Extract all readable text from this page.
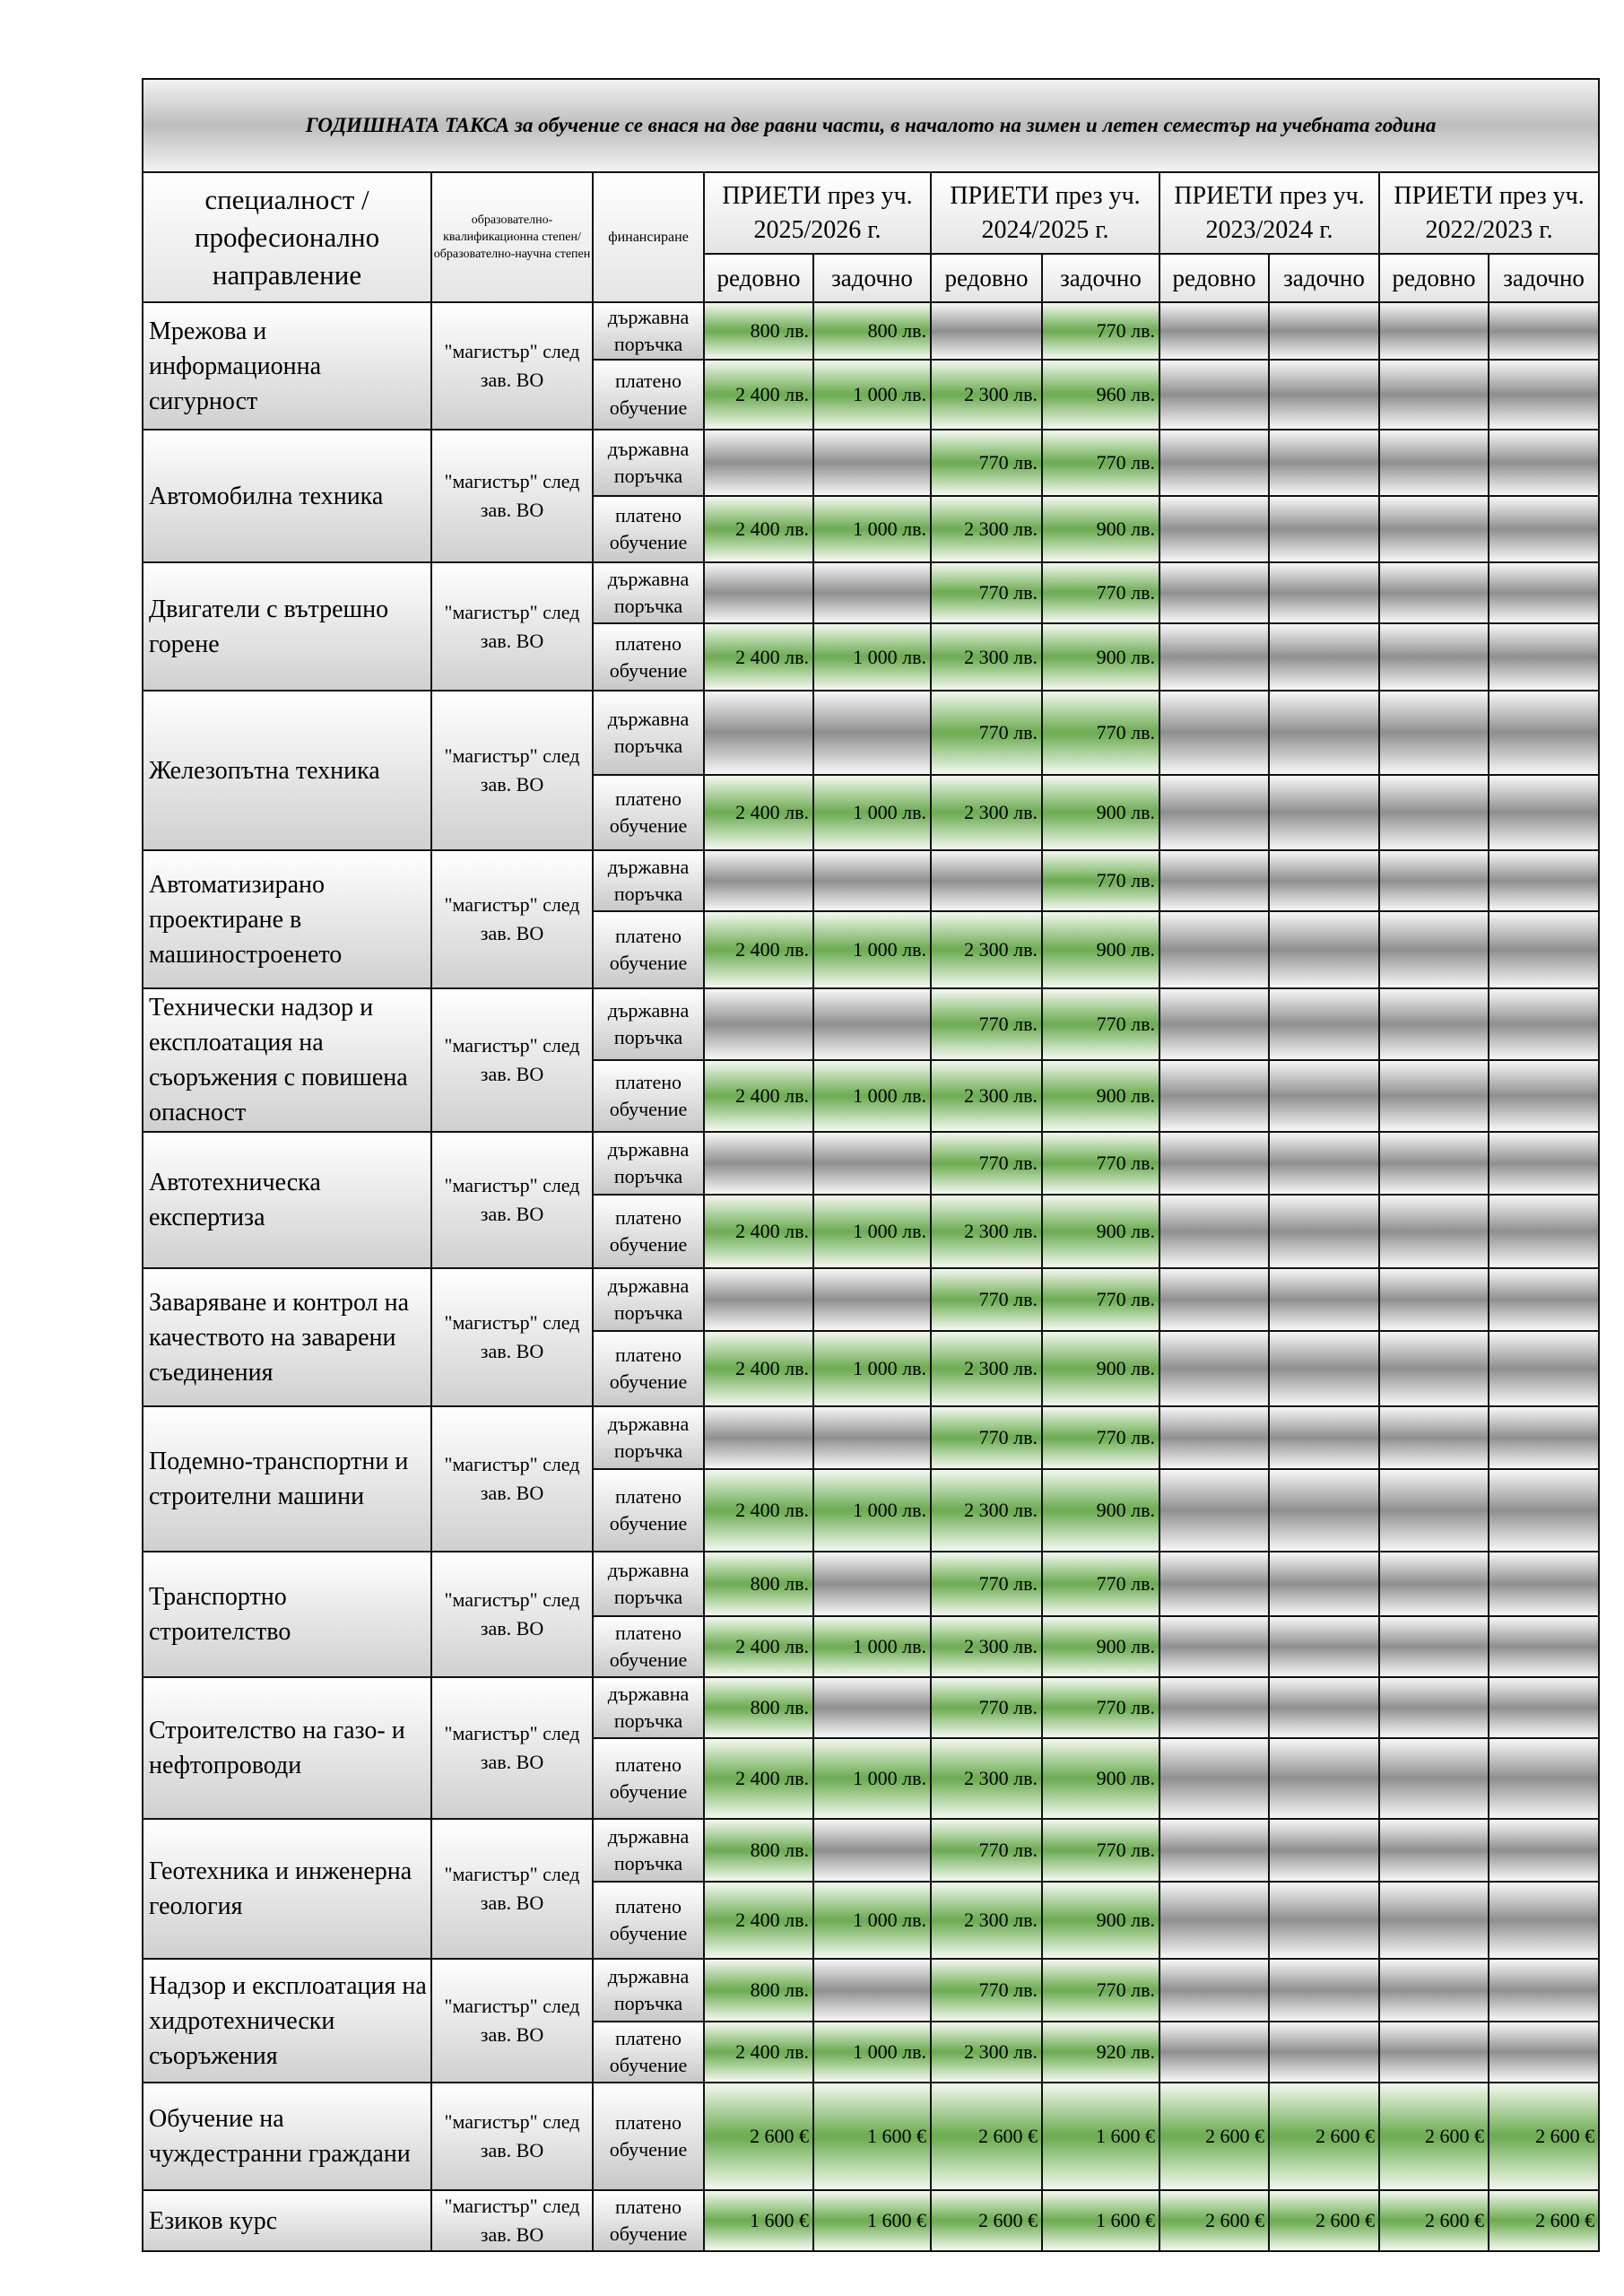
ГОДИШНАТА ТАКСА за обучение се внася на две равни части, в началото на зимен и летен семестър на учебната година										
специалност / професионално направление	образователно-квалификационна степен/образователно-научна степен	финансиране	ПРИЕТИ през уч. 2025/2026 г.		ПРИЕТИ през уч. 2024/2025 г.		ПРИЕТИ през уч. 2023/2024 г.		ПРИЕТИ през уч. 2022/2023 г.	
			редовно	задочно	редовно	задочно	редовно	задочно	редовно	задочно
Мрежова и информационна сигурност	"магистър" след зав. ВО	държавна поръчка	800 лв.	800 лв.		770 лв.				
		платено обучение	2 400 лв.	1 000 лв.	2 300 лв.	960 лв.				
Автомобилна техника	"магистър" след зав. ВО	държавна поръчка			770 лв.	770 лв.				
		платено обучение	2 400 лв.	1 000 лв.	2 300 лв.	900 лв.				
Двигатели с вътрешно горене	"магистър" след зав. ВО	държавна поръчка			770 лв.	770 лв.				
		платено обучение	2 400 лв.	1 000 лв.	2 300 лв.	900 лв.				
Железопътна техника	"магистър" след зав. ВО	държавна поръчка			770 лв.	770 лв.				
		платено обучение	2 400 лв.	1 000 лв.	2 300 лв.	900 лв.				
Автоматизирано проектиране в машиностроенето	"магистър" след зав. ВО	държавна поръчка				770 лв.				
		платено обучение	2 400 лв.	1 000 лв.	2 300 лв.	900 лв.				
Технически надзор и експлоатация на съоръжения с повишена опасност	"магистър" след зав. ВО	държавна поръчка			770 лв.	770 лв.				
		платено обучение	2 400 лв.	1 000 лв.	2 300 лв.	900 лв.				
Автотехническа експертиза	"магистър" след зав. ВО	държавна поръчка			770 лв.	770 лв.				
		платено обучение	2 400 лв.	1 000 лв.	2 300 лв.	900 лв.				
Заваряване и контрол на качеството на заварени съединения	"магистър" след зав. ВО	държавна поръчка			770 лв.	770 лв.				
		платено обучение	2 400 лв.	1 000 лв.	2 300 лв.	900 лв.				
Подемно-транспортни и строителни машини	"магистър" след зав. ВО	държавна поръчка			770 лв.	770 лв.				
		платено обучение	2 400 лв.	1 000 лв.	2 300 лв.	900 лв.				
Транспортно строителство	"магистър" след зав. ВО	държавна поръчка	800 лв.		770 лв.	770 лв.				
		платено обучение	2 400 лв.	1 000 лв.	2 300 лв.	900 лв.				
Строителство на газо- и нефтопроводи	"магистър" след зав. ВО	държавна поръчка	800 лв.		770 лв.	770 лв.				
		платено обучение	2 400 лв.	1 000 лв.	2 300 лв.	900 лв.				
Геотехника и инженерна геология	"магистър" след зав. ВО	държавна поръчка	800 лв.		770 лв.	770 лв.				
		платено обучение	2 400 лв.	1 000 лв.	2 300 лв.	900 лв.				
Надзор и експлоатация на хидротехнически съоръжения	"магистър" след зав. ВО	държавна поръчка	800 лв.		770 лв.	770 лв.				
		платено обучение	2 400 лв.	1 000 лв.	2 300 лв.	920 лв.				
Обучение на чуждестранни граждани	"магистър" след зав. ВО	платено обучение	2 600 €	1 600 €	2 600 €	1 600 €	2 600 €	2 600 €	2 600 €	2 600 €
Езиков курс	"магистър" след зав. ВО	платено обучение	1 600 €	1 600 €	2 600 €	1 600 €	2 600 €	2 600 €	2 600 €	2 600 €
